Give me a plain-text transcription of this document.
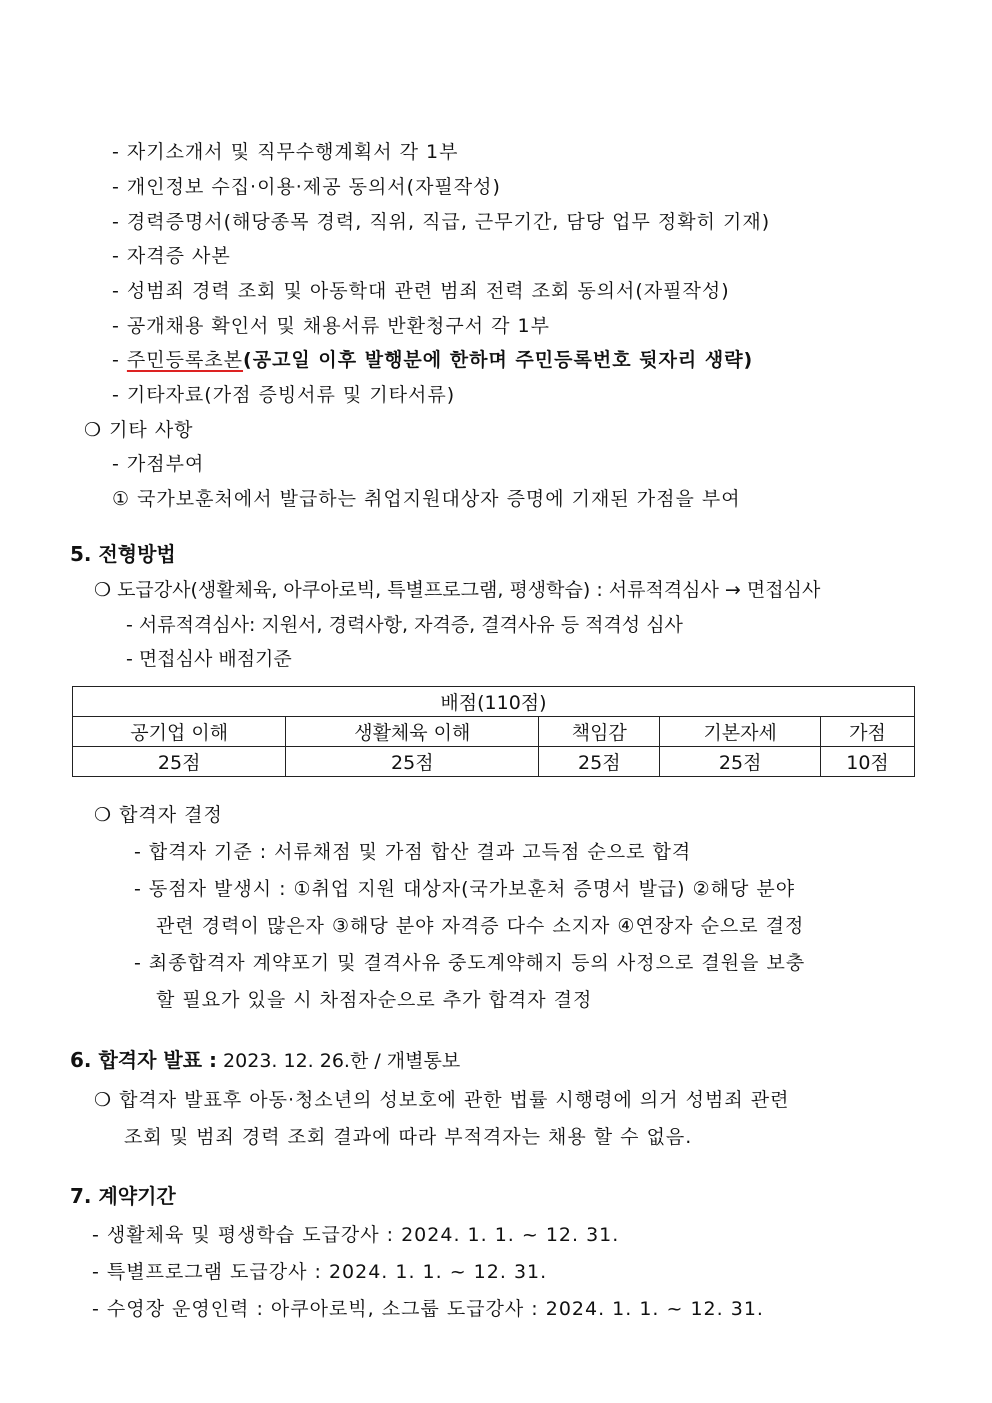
- 자기소개서 및 직무수행계획서 각 1부
- 개인정보 수집·이용·제공 동의서(자필작성)
- 경력증명서(해당종목 경력, 직위, 직급, 근무기간, 담당 업무 정확히 기재)
- 자격증 사본
- 성범죄 경력 조회 및 아동학대 관련 범죄 전력 조회 동의서(자필작성)
- 공개채용 확인서 및 채용서류 반환청구서 각 1부
- 주민등록초본(공고일 이후 발행분에 한하며 주민등록번호 뒷자리 생략)
- 기타자료(가점 증빙서류 및 기타서류)
❍ 기타 사항
- 가점부여
① 국가보훈처에서 발급하는 취업지원대상자 증명에 기재된 가점을 부여
5. 전형방법
❍ 도급강사(생활체육, 아쿠아로빅, 특별프로그램, 평생학습) : 서류적격심사 → 면접심사
- 서류적격심사: 지원서, 경력사항, 자격증, 결격사유 등 적격성 심사
- 면접심사 배점기준
배점(110점)				
공기업 이해	생활체육 이해	책임감	기본자세	가점
25점	25점	25점	25점	10점
❍ 합격자 결정
- 합격자 기준 : 서류채점 및 가점 합산 결과 고득점 순으로 합격
- 동점자 발생시 : ①취업 지원 대상자(국가보훈처 증명서 발급) ②해당 분야
관련 경력이 많은자 ③해당 분야 자격증 다수 소지자 ④연장자 순으로 결정
- 최종합격자 계약포기 및 결격사유 중도계약해지 등의 사정으로 결원을 보충
할 필요가 있을 시 차점자순으로 추가 합격자 결정
6. 합격자 발표 : 2023. 12. 26.한 / 개별통보
❍ 합격자 발표후 아동·청소년의 성보호에 관한 법률 시행령에 의거 성범죄 관련
조회 및 범죄 경력 조회 결과에 따라 부적격자는 채용 할 수 없음.
7. 계약기간
- 생활체육 및 평생학습 도급강사 : 2024. 1. 1. ~ 12. 31.
- 특별프로그램 도급강사 : 2024. 1. 1. ~ 12. 31.
- 수영장 운영인력 : 아쿠아로빅, 소그룹 도급강사 : 2024. 1. 1. ~ 12. 31.
